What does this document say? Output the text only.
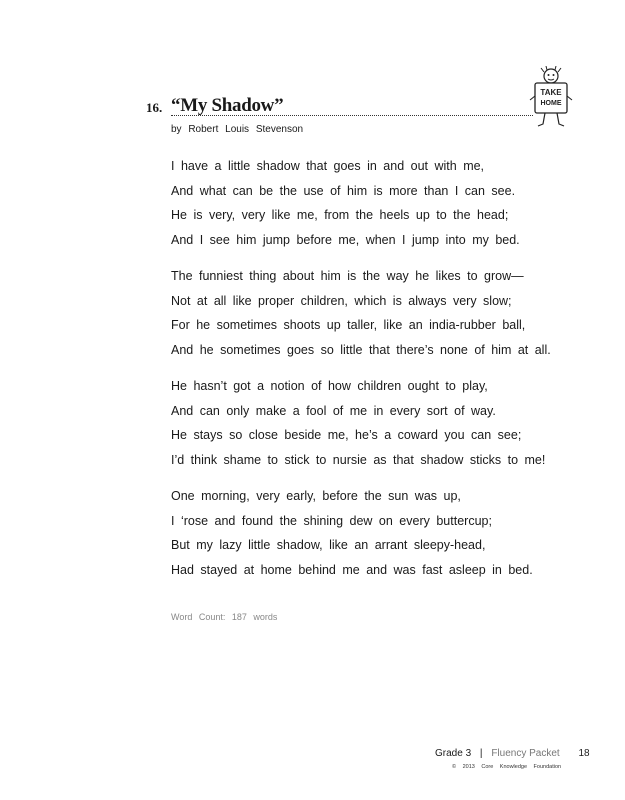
16. “My Shadow”
by Robert Louis Stevenson
TAKE
HOME
I have a little shadow that goes in and out with me,
And what can be the use of him is more than I can see.
He is very, very like me, from the heels up to the head;
And I see him jump before me, when I jump into my bed.
The funniest thing about him is the way he likes to grow—
Not at all like proper children, which is always very slow;
For he sometimes shoots up taller, like an india-rubber ball,
And he sometimes goes so little that there’s none of him at all.
He hasn’t got a notion of how children ought to play,
And can only make a fool of me in every sort of way.
He stays so close beside me, he’s a coward you can see;
I’d think shame to stick to nursie as that shadow sticks to me!
One morning, very early, before the sun was up,
I ‘rose and found the shining dew on every buttercup;
But my lazy little shadow, like an arrant sleepy-head,
Had stayed at home behind me and was fast asleep in bed.
Word Count: 187 words
Grade 3 | Fluency Packet 18
© 2013 Core Knowledge Foundation
